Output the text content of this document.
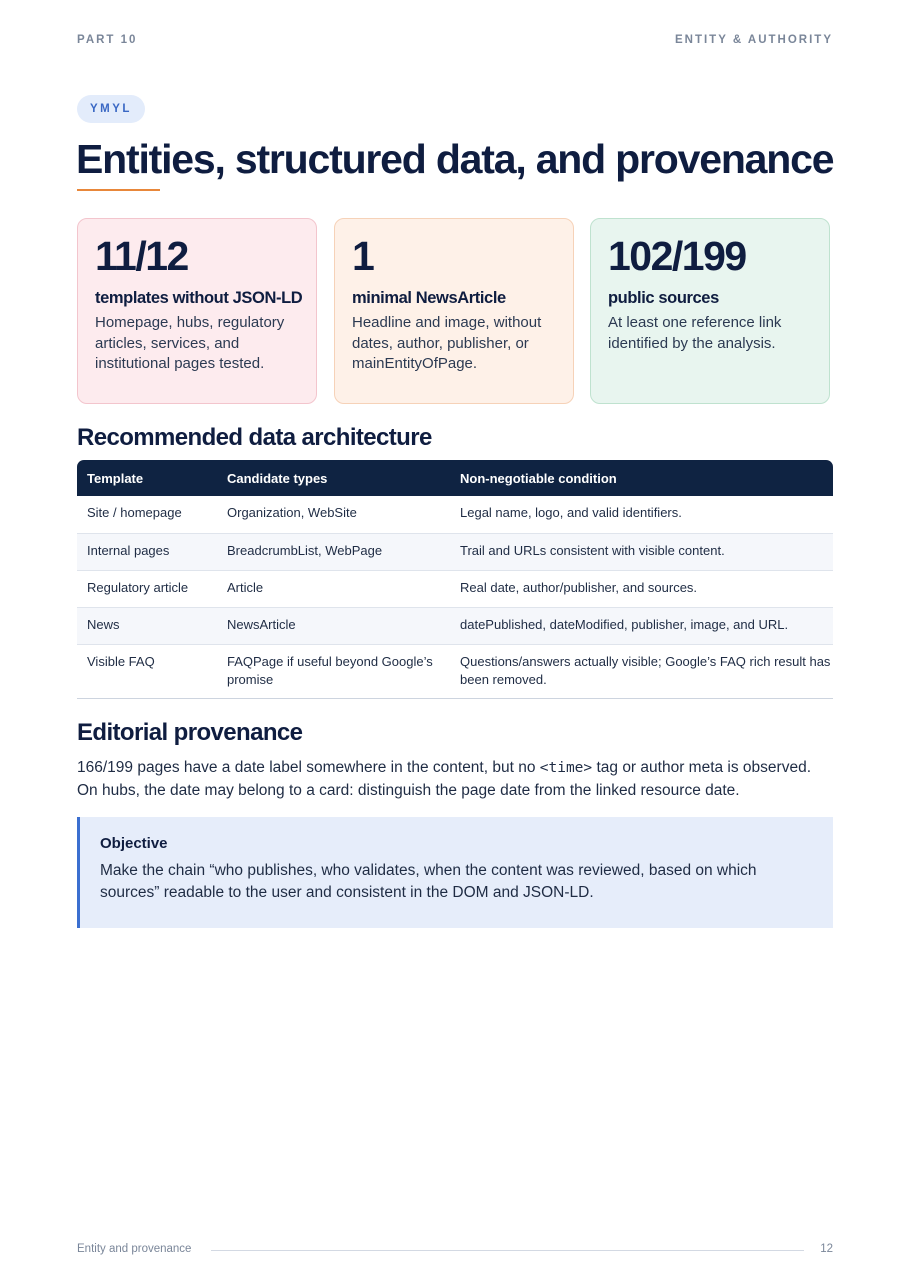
PART 10	ENTITY & AUTHORITY
YMYL
Entities, structured data, and provenance
11/12
templates without JSON-LD
Homepage, hubs, regulatory articles, services, and institutional pages tested.
1
minimal NewsArticle
Headline and image, without dates, author, publisher, or mainEntityOfPage.
102/199
public sources
At least one reference link identified by the analysis.
Recommended data architecture
Template	Candidate types	Non-negotiable condition
Site / homepage	Organization, WebSite	Legal name, logo, and valid identifiers.
Internal pages	BreadcrumbList, WebPage	Trail and URLs consistent with visible content.
Regulatory article	Article	Real date, author/publisher, and sources.
News	NewsArticle	datePublished, dateModified, publisher, image, and URL.
Visible FAQ	FAQPage if useful beyond Google’s promise	Questions/answers actually visible; Google’s FAQ rich result has been removed.
Editorial provenance

166/199 pages have a date label somewhere in the content, but no <time> tag or author meta is observed. On hubs, the date may belong to a card: distinguish the page date from the linked resource date.

Objective

Make the chain “who publishes, who validates, when the content was reviewed, based on which sources” readable to the user and consistent in the DOM and JSON-LD.

Entity and provenance	12
